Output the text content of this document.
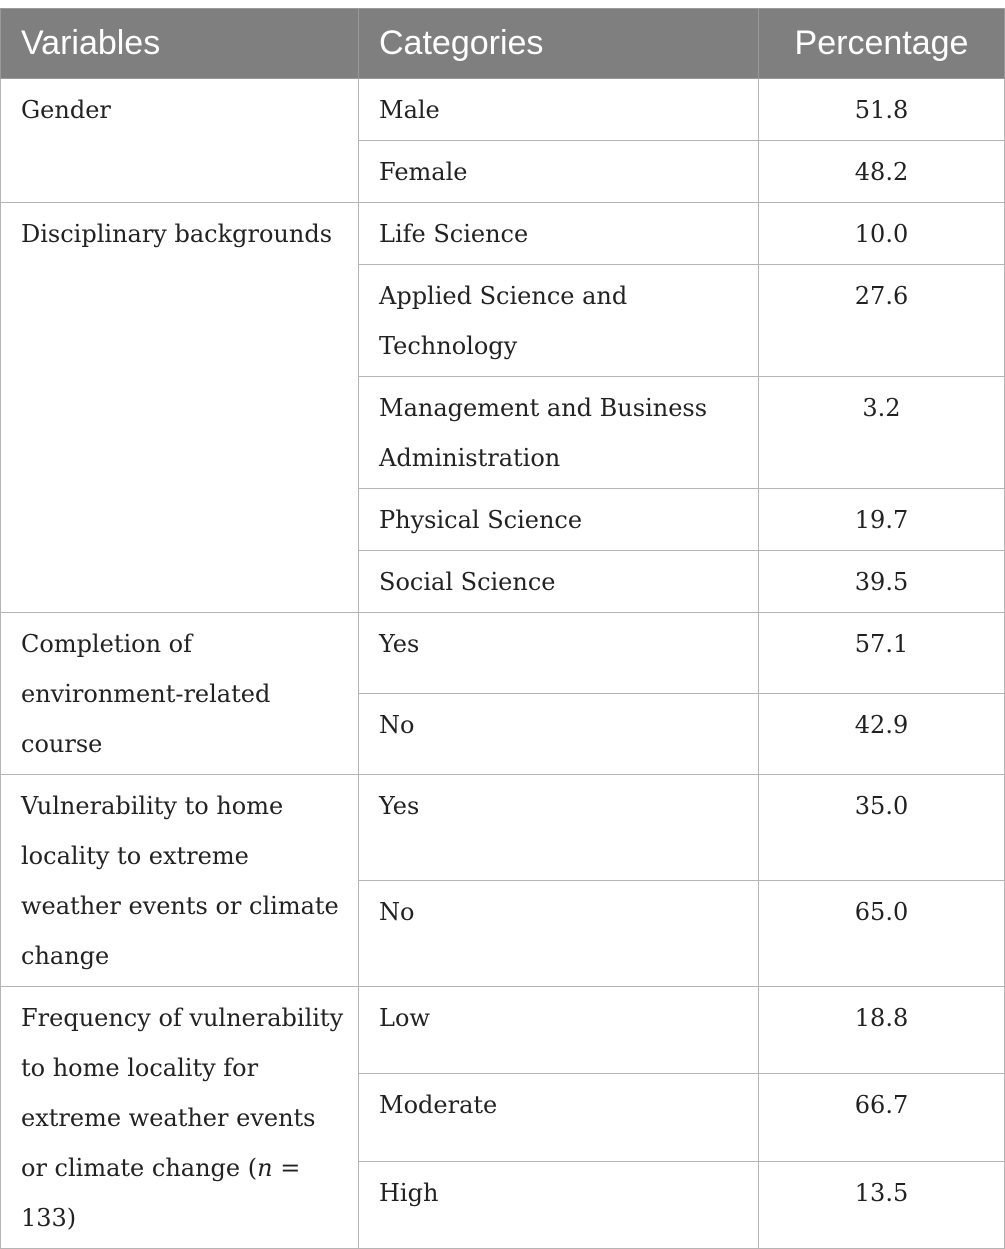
Variables	Categories	Percentage
Gender	Male	51.8
	Female	48.2
Disciplinary backgrounds	Life Science	10.0
	Applied Science and Technology	27.6
	Management and Business Administration	3.2
	Physical Science	19.7
	Social Science	39.5
Completion of environment-related course	Yes	57.1
	No	42.9
Vulnerability to home locality to extreme weather events or climate change	Yes	35.0
	No	65.0
Frequency of vulnerability to home locality for extreme weather events or climate change (n = 133)	Low	18.8
	Moderate	66.7
	High	13.5
